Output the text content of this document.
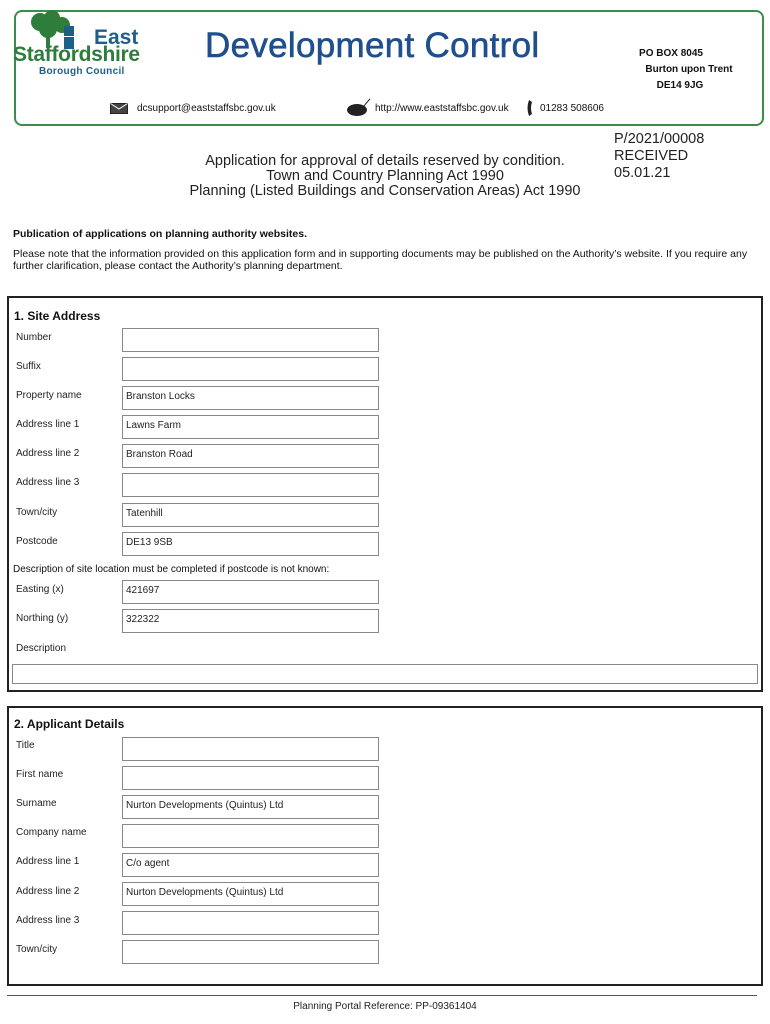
East
Staffordshire
Borough Council
Development Control	PO BOX 8045
Burton upon Trent
DE14 9JG
dcsupport@eaststaffsbc.gov.uk	http://www.eaststaffsbc.gov.uk	01283 508606
Application for approval of details reserved by condition.
Town and Country Planning Act 1990
Planning (Listed Buildings and Conservation Areas) Act 1990
P/2021/00008
RECEIVED
05.01.21
Publication of applications on planning authority websites.
Please note that the information provided on this application form and in supporting documents may be published on the Authority’s website. If you require any further clarification, please contact the Authority’s planning department.
1. Site Address
Number
Suffix
Property name	Branston Locks
Address line 1	Lawns Farm
Address line 2	Branston Road
Address line 3
Town/city	Tatenhill
Postcode	DE13 9SB
Description of site location must be completed if postcode is not known:
Easting (x)	421697
Northing (y)	322322
Description
2. Applicant Details
Title
First name
Surname	Nurton Developments (Quintus) Ltd
Company name
Address line 1	C/o agent
Address line 2	Nurton Developments (Quintus) Ltd
Address line 3
Town/city
Planning Portal Reference: PP-09361404
